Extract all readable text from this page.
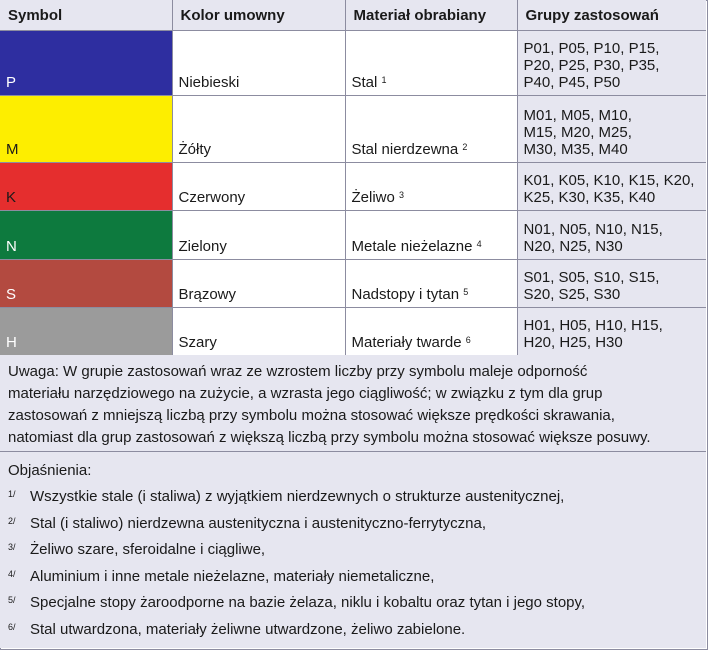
Symbol	Kolor umowny	Materiał obrabiany	Grupy zastosowań
P	Niebieski	Stal $^1$	P01, P05, P10, P15,
P20, P25, P30, P35,
P40, P45, P50

M	Żółty	Stal nierdzewna $^2$	M01, M05, M10,
M15, M20, M25,
M30, M35, M40

K	Czerwony	Żeliwo $^3$	K01, K05, K10, K15, K20,
K25, K30, K35, K40

N	Zielony	Metale nieżelazne $^4$	N01, N05, N10, N15,
N20, N25, N30

S	Brązowy	Nadstopy i tytan $^5$	S01, S05, S10, S15,
S20, S25, S30

H	Szary	Materiały twarde $^6$	H01, H05, H10, H15,
H20, H25, H30
Uwaga: W grupie zastosowań wraz ze wzrostem liczby przy symbolu maleje odporność
materiału narzędziowego na zużycie, a wzrasta jego ciągliwość; w związku z tym dla grup
zastosowań z mniejszą liczbą przy symbolu można stosować większe prędkości skrawania,
natomiast dla grup zastosowań z większą liczbą przy symbolu można stosować większe posuwy.
Objaśnienia:
1/ Wszystkie stale (i staliwa) z wyjątkiem nierdzewnych o strukturze austenitycznej,
2/ Stal (i staliwo) nierdzewna austenityczna i austenityczno-ferrytyczna,
3/ Żeliwo szare, sferoidalne i ciągliwe,
4/ Aluminium i inne metale nieżelazne, materiały niemetaliczne,
5/ Specjalne stopy żaroodporne na bazie żelaza, niklu i kobaltu oraz tytan i jego stopy,
6/ Stal utwardzona, materiały żeliwne utwardzone, żeliwo zabielone.
